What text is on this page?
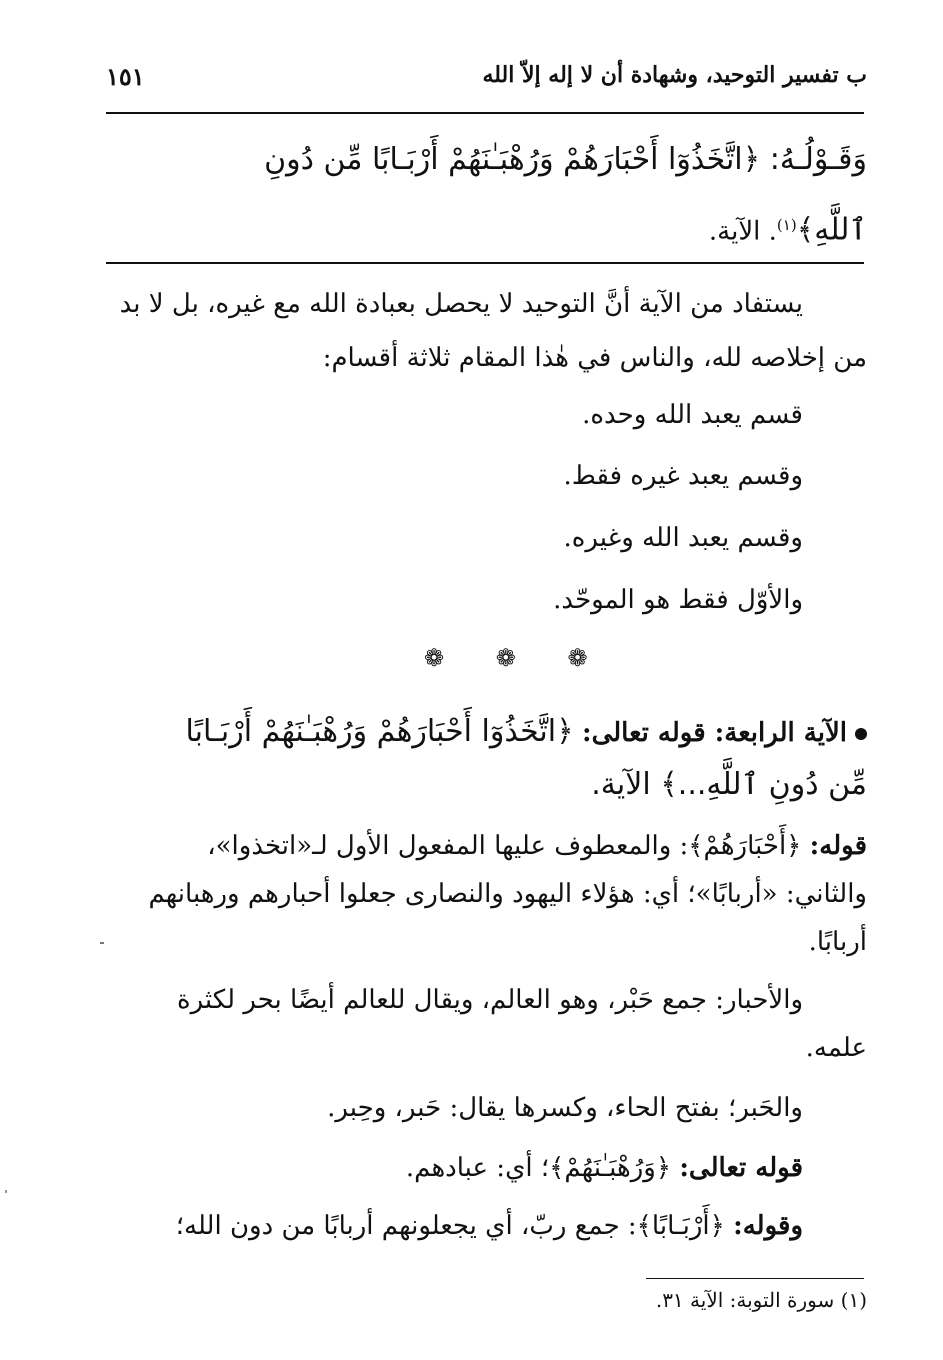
ب تفسير التوحيد، وشهادة أن لا إله إلاّ الله
١٥١
وَقَـوْلُـهُ: ﴿اتَّخَذُوٓا أَحْبَارَهُمْ وَرُهْبَـٰنَهُمْ أَرْبَـابًا مِّن دُونِ
ٱللَّهِ﴾$^{(١)}$. الآية.
يستفاد من الآية أنَّ التوحيد لا يحصل بعبادة الله مع غيره، بل لا بد
من إخلاصه لله، والناس في هٰذا المقام ثلاثة أقسام:
قسم يعبد الله وحده.
وقسم يعبد غيره فقط.
وقسم يعبد الله وغيره.
والأوّل فقط هو الموحّد.
❁ ❁ ❁
الآية الرابعة: قوله تعالى: ﴿اتَّخَذُوٓا أَحْبَارَهُمْ وَرُهْبَـٰنَهُمْ أَرْبَـابًا
مِّن دُونِ ٱللَّهِ...﴾ الآية.
قوله: ﴿أَحْبَارَهُمْ﴾: والمعطوف عليها المفعول الأول لـ«اتخذوا»،
والثاني: «أربابًا»؛ أي: هؤلاء اليهود والنصارى جعلوا أحبارهم ورهبانهم
أربابًا.
والأحبار: جمع حَبْر، وهو العالم، ويقال للعالم أيضًا بحر لكثرة
علمه.
والحَبر؛ بفتح الحاء، وكسرها يقال: حَبر، وحِبر.
قوله تعالى: ﴿وَرُهْبَـٰنَهُمْ﴾؛ أي: عبادهم.
وقوله: ﴿أَرْبَـابًا﴾: جمع ربّ، أي يجعلونهم أربابًا من دون الله؛
(١) سورة التوبة: الآية ٣١.
